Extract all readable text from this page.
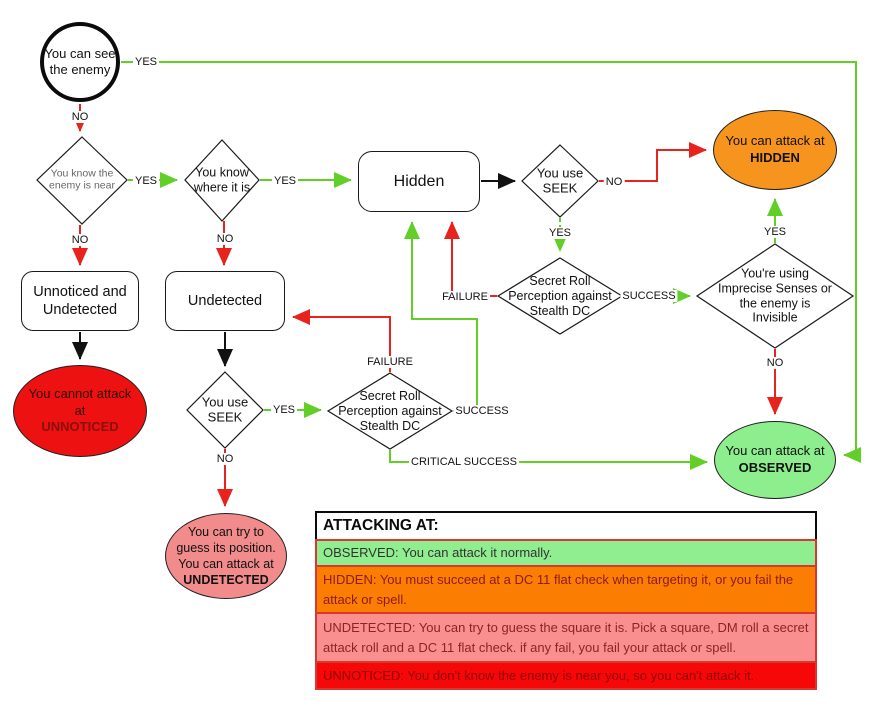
You can see the enemy
Hidden
Unnoticed and Undetected
Undetected
You can attack at
HIDDEN
You can attack at
OBSERVED
You cannot attack at
UNNOTICED
You can try to guess its position. You can attack at
UNDETECTED
You know the enemy is near
You know where it is
You use SEEK
Secret Roll Perception against Stealth DC
You're using Imprecise Senses or the enemy is Invisible
You use SEEK
Secret Roll Perception against Stealth DC
YES
NO
YES
NO
YES
NO
YES
NO
FAILURE
SUCCESS
CRITICAL SUCCESS
YES
NO
FAILURE	SUCCESS
YES
NO
ATTACKING AT:
OBSERVED: You can attack it normally.
HIDDEN: You must succeed at a DC 11 flat check when targeting it, or you fail the attack or spell.
UNDETECTED: You can try to guess the square it is. Pick a square, DM roll a secret attack roll and a DC 11 flat check. if any fail, you fail your attack or spell.
UNNOTICED: You don't know the enemy is near you, so you can't attack it.
